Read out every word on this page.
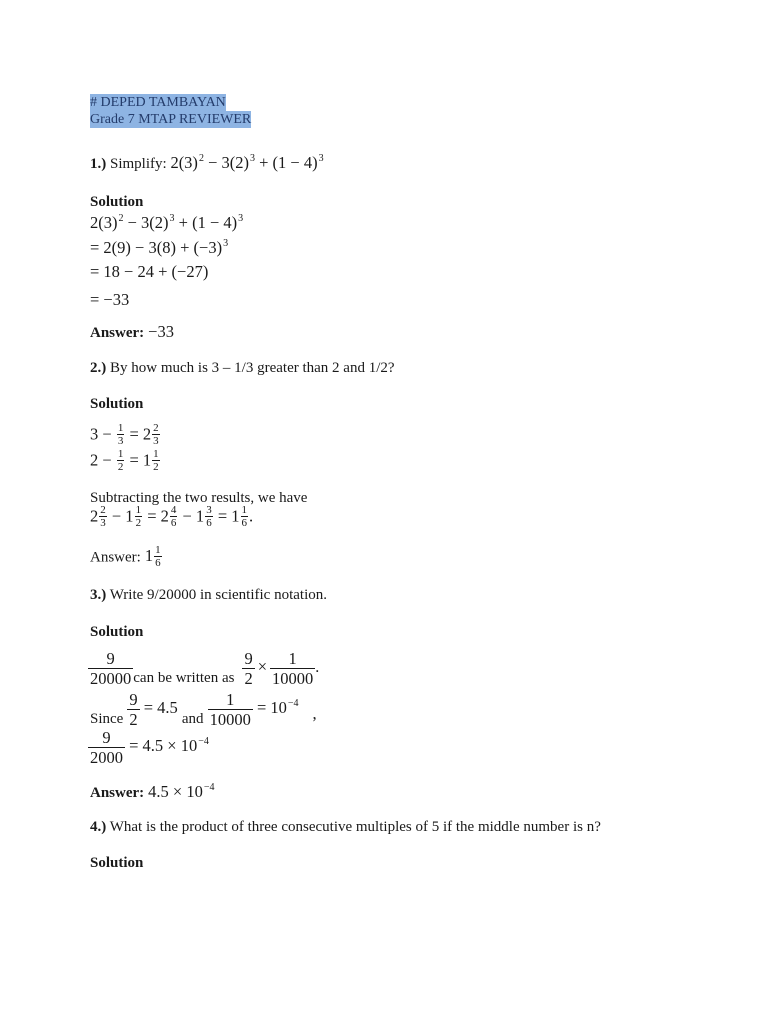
# DEPED TAMBAYAN
Grade 7 MTAP REVIEWER
1.) Simplify: $2(3)^2 - 3(2)^3 + (1 - 4)^3$
Solution
$2(3)^2 - 3(2)^3 + (1 - 4)^3$
= $2(9) - 3(8) + (-3)^3$
= 18 − 24 + (−27)
= −33
Answer: −33
2.) By how much is 3 – 1/3 greater than 2 and 1/2?
Solution
$3 - \frac{1}{3} = 2 \frac{2}{3}$
$2 - \frac{1}{2} = 1 \frac{1}{2}$
Subtracting the two results, we have
$2 \frac{2}{3} - 1 \frac{1}{2} = 2 \frac{4}{6} - 1 \frac{3}{6} = 1 \frac{1}{6}$ .
Answer: $1 \frac{1}{6}$
3.) Write 9/20000 in scientific notation.
Solution
$\frac{9}{20000}$ can be written as $\frac{9}{2} \times \frac{1}{10000}$ .
Since $\frac{9}{2} = 4.5$ and $\frac{1}{10000} = 10^{-4}$,
$\frac{9}{2000} = 4.5 \times 10^{-4}$
Answer: $4.5 \times 10^{-4}$
4.) What is the product of three consecutive multiples of 5 if the middle number is n?
Solution
